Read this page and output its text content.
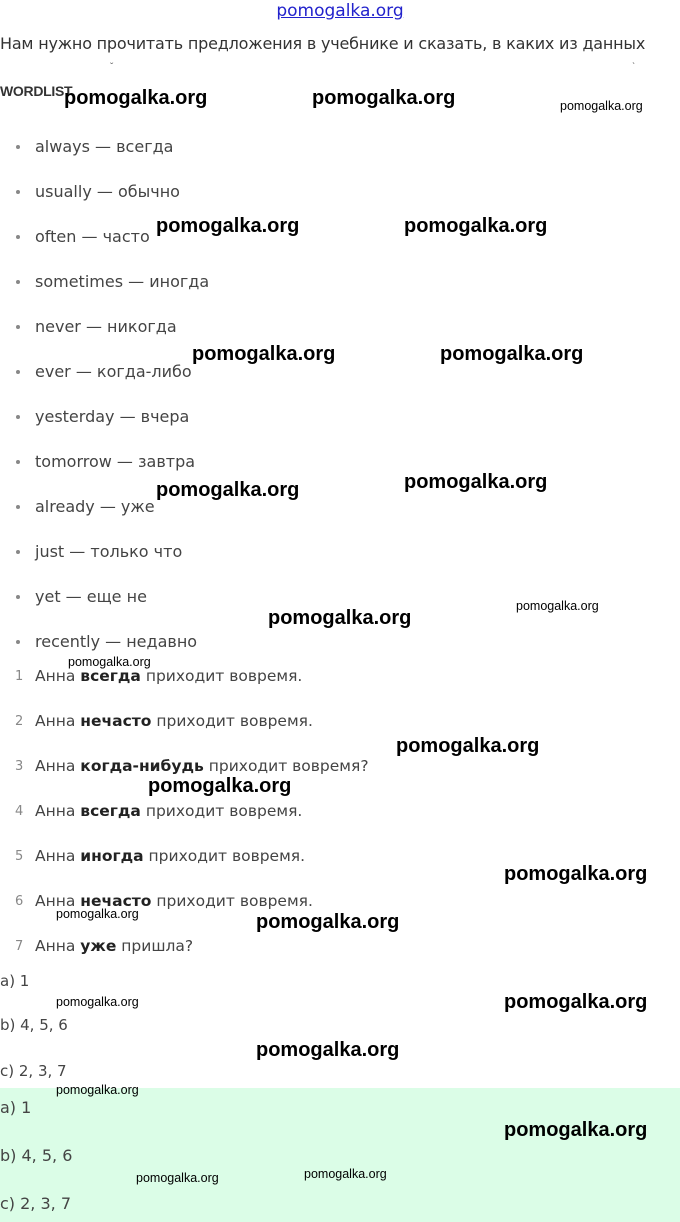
pomogalka.org
Нам нужно прочитать предложения в учебнике и сказать, в каких из данных
ˇ	ˋ
WORDLIST
always — всегда
usually — обычно
often — часто
sometimes — иногда
never — никогда
ever — когда-либо
yesterday — вчера
tomorrow — завтра
already — уже
just — только что
yet — еще не
recently — недавно
1 Анна всегда приходит вовремя.
2 Анна нечасто приходит вовремя.
3 Анна когда-нибудь приходит вовремя?
4 Анна всегда приходит вовремя.
5 Анна иногда приходит вовремя.
6 Анна нечасто приходит вовремя.
7 Анна уже пришла?
a) 1
b) 4, 5, 6
c) 2, 3, 7
a) 1
b) 4, 5, 6
c) 2, 3, 7
pomogalka.org	pomogalka.org	pomogalka.org
pomogalka.org	pomogalka.org
pomogalka.org	pomogalka.org
pomogalka.org	pomogalka.org
pomogalka.org
pomogalka.org
pomogalka.org
pomogalka.org
pomogalka.org
pomogalka.org
pomogalka.org	pomogalka.org
pomogalka.org	pomogalka.org
pomogalka.org
pomogalka.org
pomogalka.org
pomogalka.org	pomogalka.org
